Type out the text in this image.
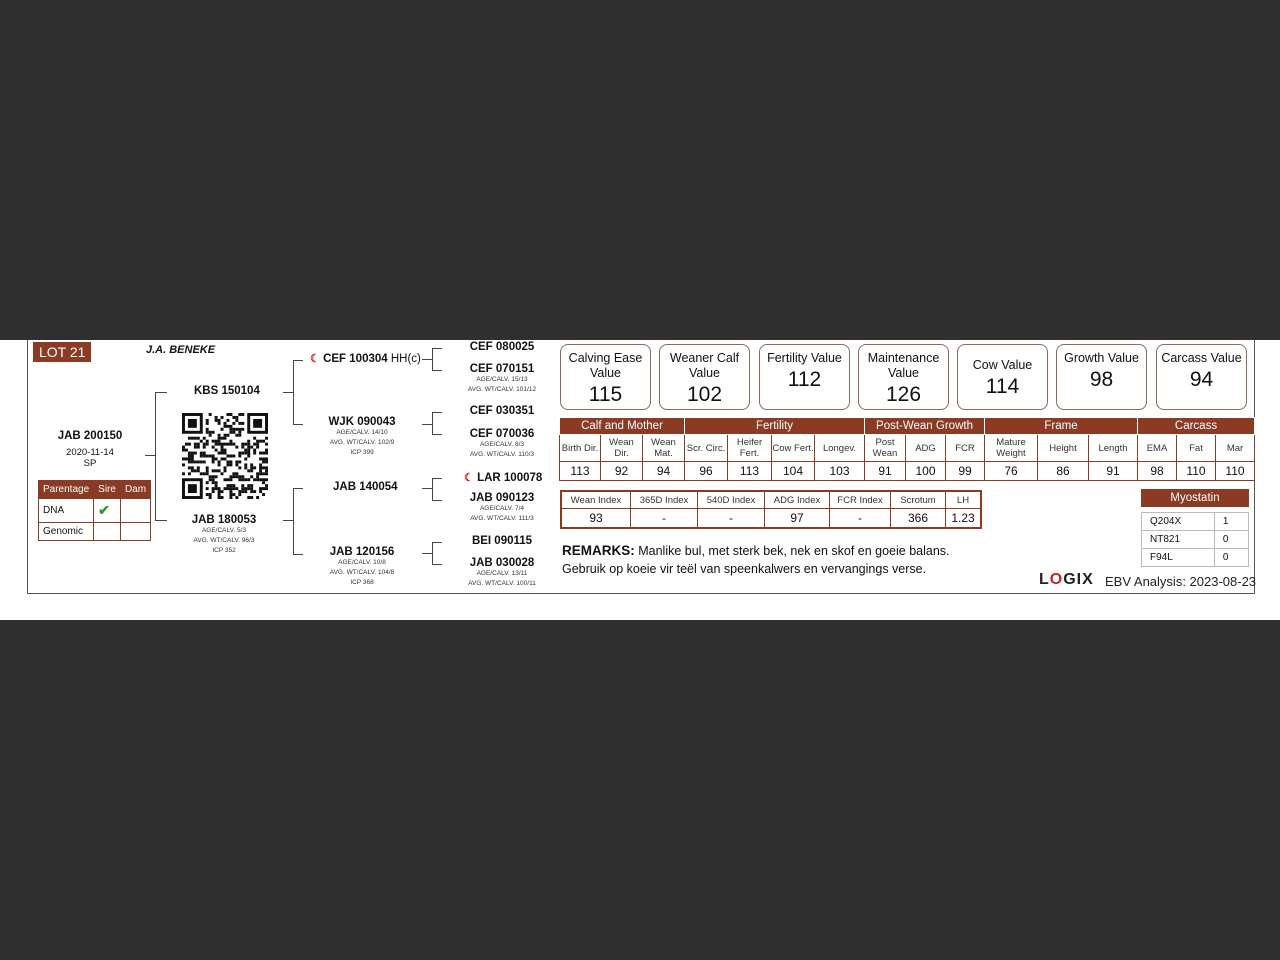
LOT 21	J.A. BENEKE
JAB 200150
2020-11-14
SP
Parentage	Sire	Dam
DNA	✔	
Genomic		
KBS 150104
JAB 180053
AGE/CALV. 5/3
AVG. WT/CALV. 96/3
ICP 352
☾ CEF 100304 HH(c)
WJK 090043
AGE/CALV. 14/10
AVG. WT/CALV. 102/9
ICP 399
JAB 140054
JAB 120156
AGE/CALV. 10/8
AVG. WT/CALV. 104/8
ICP 368
CEF 080025
CEF 070151
AGE/CALV. 15/13
AVG. WT/CALV. 101/12
CEF 030351
CEF 070036
AGE/CALV. 8/3
AVG. WT/CALV. 110/3
☾ LAR 100078
JAB 090123
AGE/CALV. 7/4
AVG. WT/CALV. 111/3
BEI 090115
JAB 030028
AGE/CALV. 13/11
AVG. WT/CALV. 100/11
Calving Ease Value
115
Weaner Calf Value
102
Fertility Value
112
Maintenance Value
126
Cow Value
114
Growth Value
98
Carcass Value
94
Calf and Mother			Fertility				Post-Wean Growth			Frame			Carcass		
Birth Dir.	Wean Dir.	Wean Mat.	Scr. Circ.	Heifer Fert.	Cow Fert.	Longev.	Post Wean	ADG	FCR	Mature Weight	Height	Length	EMA	Fat	Mar
113	92	94	96	113	104	103	91	100	99	76	86	91	98	110	110
Wean Index	365D Index	540D Index	ADG Index	FCR Index	Scrotum	LH
93	-	-	97	-	366	1.23
Myostatin
Q204X	1
NT821	0
F94L	0
REMARKS: Manlike bul, met sterk bek, nek en skof en goeie balans. Gebruik op koeie vir teël van speenkalwers en vervangings verse.
LOGIX EBV Analysis: 2023-08-23
